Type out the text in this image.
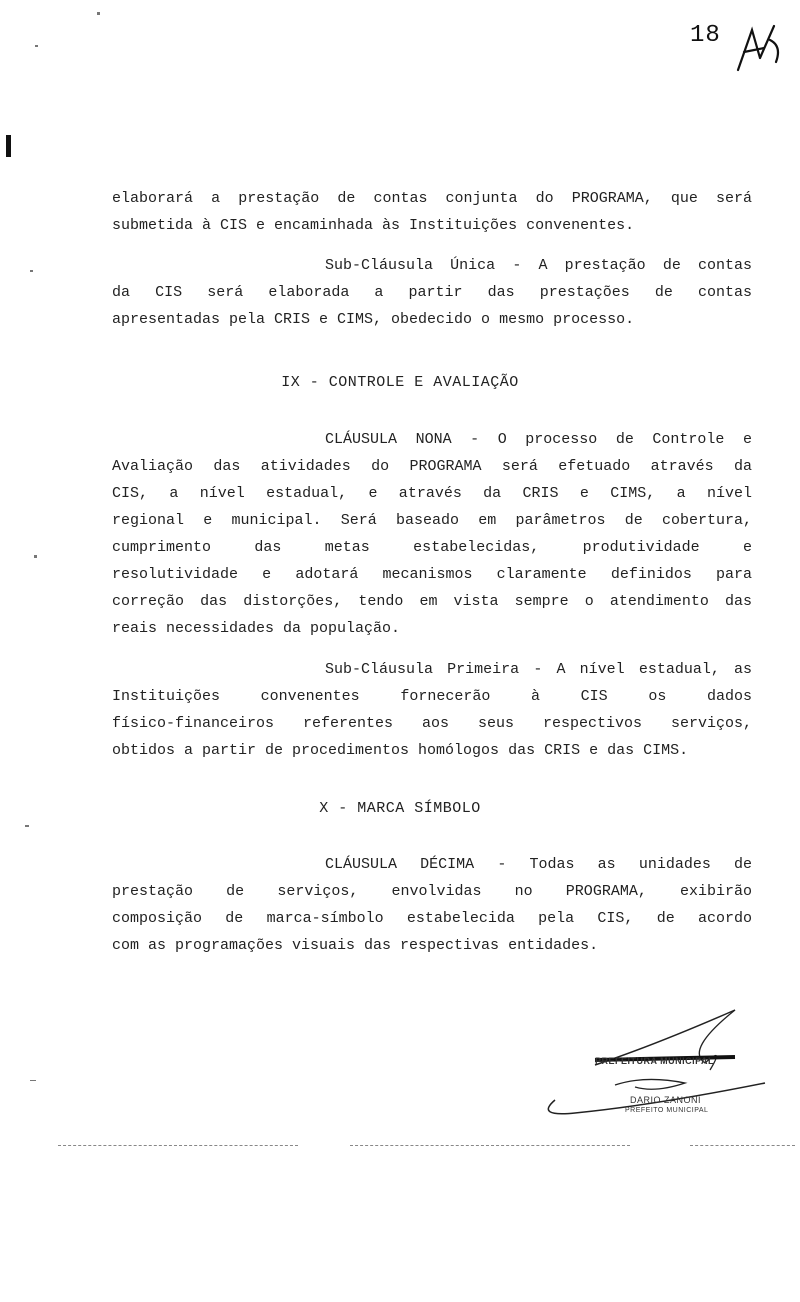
18
elaborará a prestação de contas conjunta do PROGRAMA, que será
submetida à CIS e encaminhada às Instituições convenentes.
Sub-Cláusula Única - A prestação de contas
da CIS será elaborada a partir das prestações de contas
apresentadas pela CRIS e CIMS, obedecido o mesmo processo.
IX - CONTROLE E AVALIAÇÃO
CLÁUSULA NONA - O processo de Controle e
Avaliação das atividades do PROGRAMA será efetuado através da
CIS, a nível estadual, e através da CRIS e CIMS, a nível
regional e municipal. Será baseado em parâmetros de cobertura,
cumprimento das metas estabelecidas, produtividade e
resolutividade e adotará mecanismos claramente definidos para
correção das distorções, tendo em vista sempre o atendimento das
reais necessidades da população.
Sub-Cláusula Primeira - A nível estadual, as
Instituições convenentes fornecerão à CIS os dados
físico-financeiros referentes aos seus respectivos serviços,
obtidos a partir de procedimentos homólogos das CRIS e das CIMS.
X - MARCA SÍMBOLO
CLÁUSULA DÉCIMA - Todas as unidades de
prestação de serviços, envolvidas no PROGRAMA, exibirão
composição de marca-símbolo estabelecida pela CIS, de acordo
com as programações visuais das respectivas entidades.
PREFEITURA MUNICIPAL
DARIO ZANONI
PREFEITO MUNICIPAL
